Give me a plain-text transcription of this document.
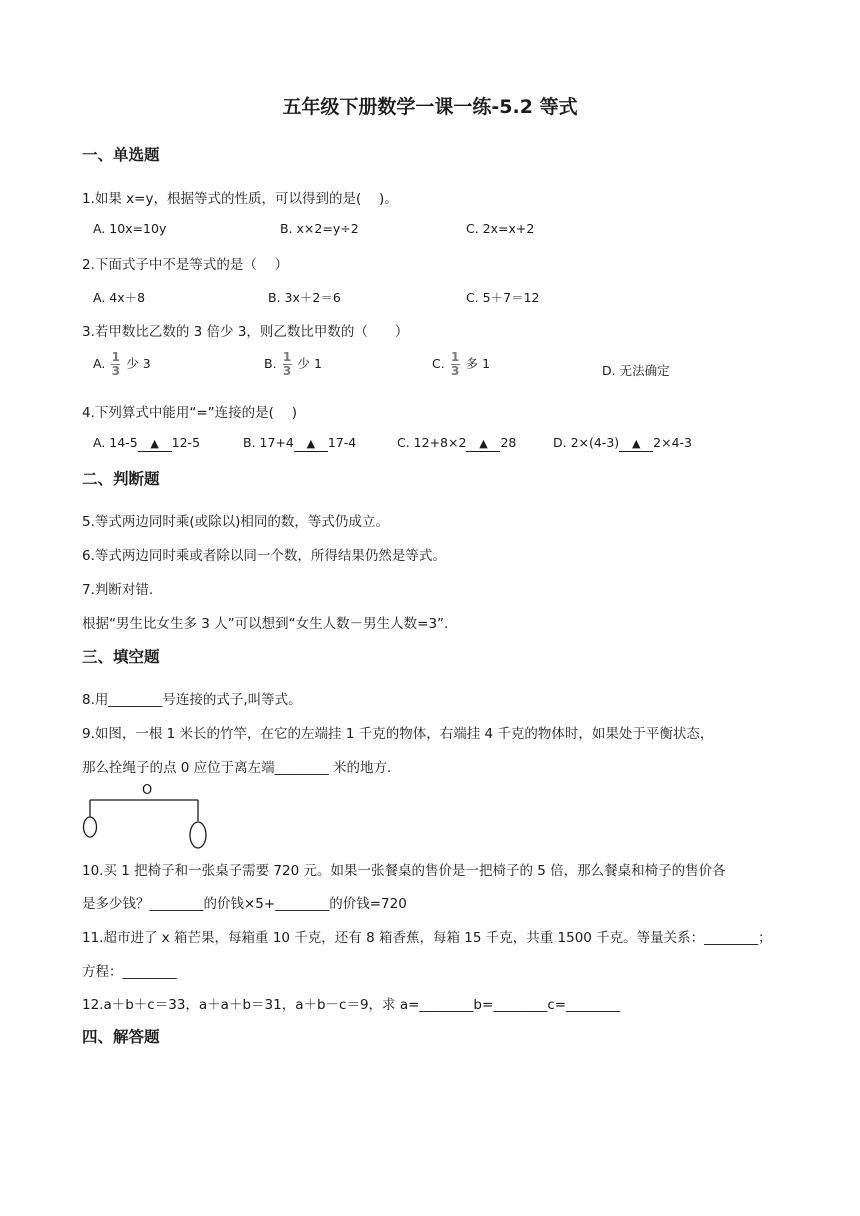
五年级下册数学一课一练-5.2 等式
一、单选题
1.如果 x=y，根据等式的性质，可以得到的是(　 )。
A. 10x=10y	B. x×2=y÷2	C. 2x=x+2
2.下面式子中不是等式的是（　 ）
A. 4x＋8	B. 3x＋2＝6	C. 5＋7＝12
3.若甲数比乙数的 3 倍少 3，则乙数比甲数的（　　）
A. $\frac{1}{3}$ 少 3	B. $\frac{1}{3}$ 少 1	C. $\frac{1}{3}$ 多 1	D. 无法确定
4.下列算式中能用“=”连接的是(　 )
A. 14-5 ▲ 12-5	B. 17+4 ▲ 17-4	C. 12+8×2 ▲ 28	D. 2×(4-3) ▲ 2×4-3
二、判断题
5.等式两边同时乘(或除以)相同的数，等式仍成立。
6.等式两边同时乘或者除以同一个数，所得结果仍然是等式。
7.判断对错.
根据“男生比女生多 3 人”可以想到“女生人数－男生人数=3”.
三、填空题
8.用________号连接的式子,叫等式。
9.如图，一根 1 米长的竹竿，在它的左端挂 1 千克的物体，右端挂 4 千克的物体时，如果处于平衡状态，
那么拴绳子的点 0 应位于离左端________ 米的地方.
O
10.买 1 把椅子和一张桌子需要 720 元。如果一张餐桌的售价是一把椅子的 5 倍，那么餐桌和椅子的售价各
是多少钱？________的价钱×5+________的价钱=720
11.超市进了 x 箱芒果，每箱重 10 千克，还有 8 箱香蕉，每箱 15 千克，共重 1500 千克。等量关系：________；
方程：________
12.a＋b＋c＝33，a＋a＋b＝31，a＋b－c＝9，求 a=________b=________c=________
四、解答题
